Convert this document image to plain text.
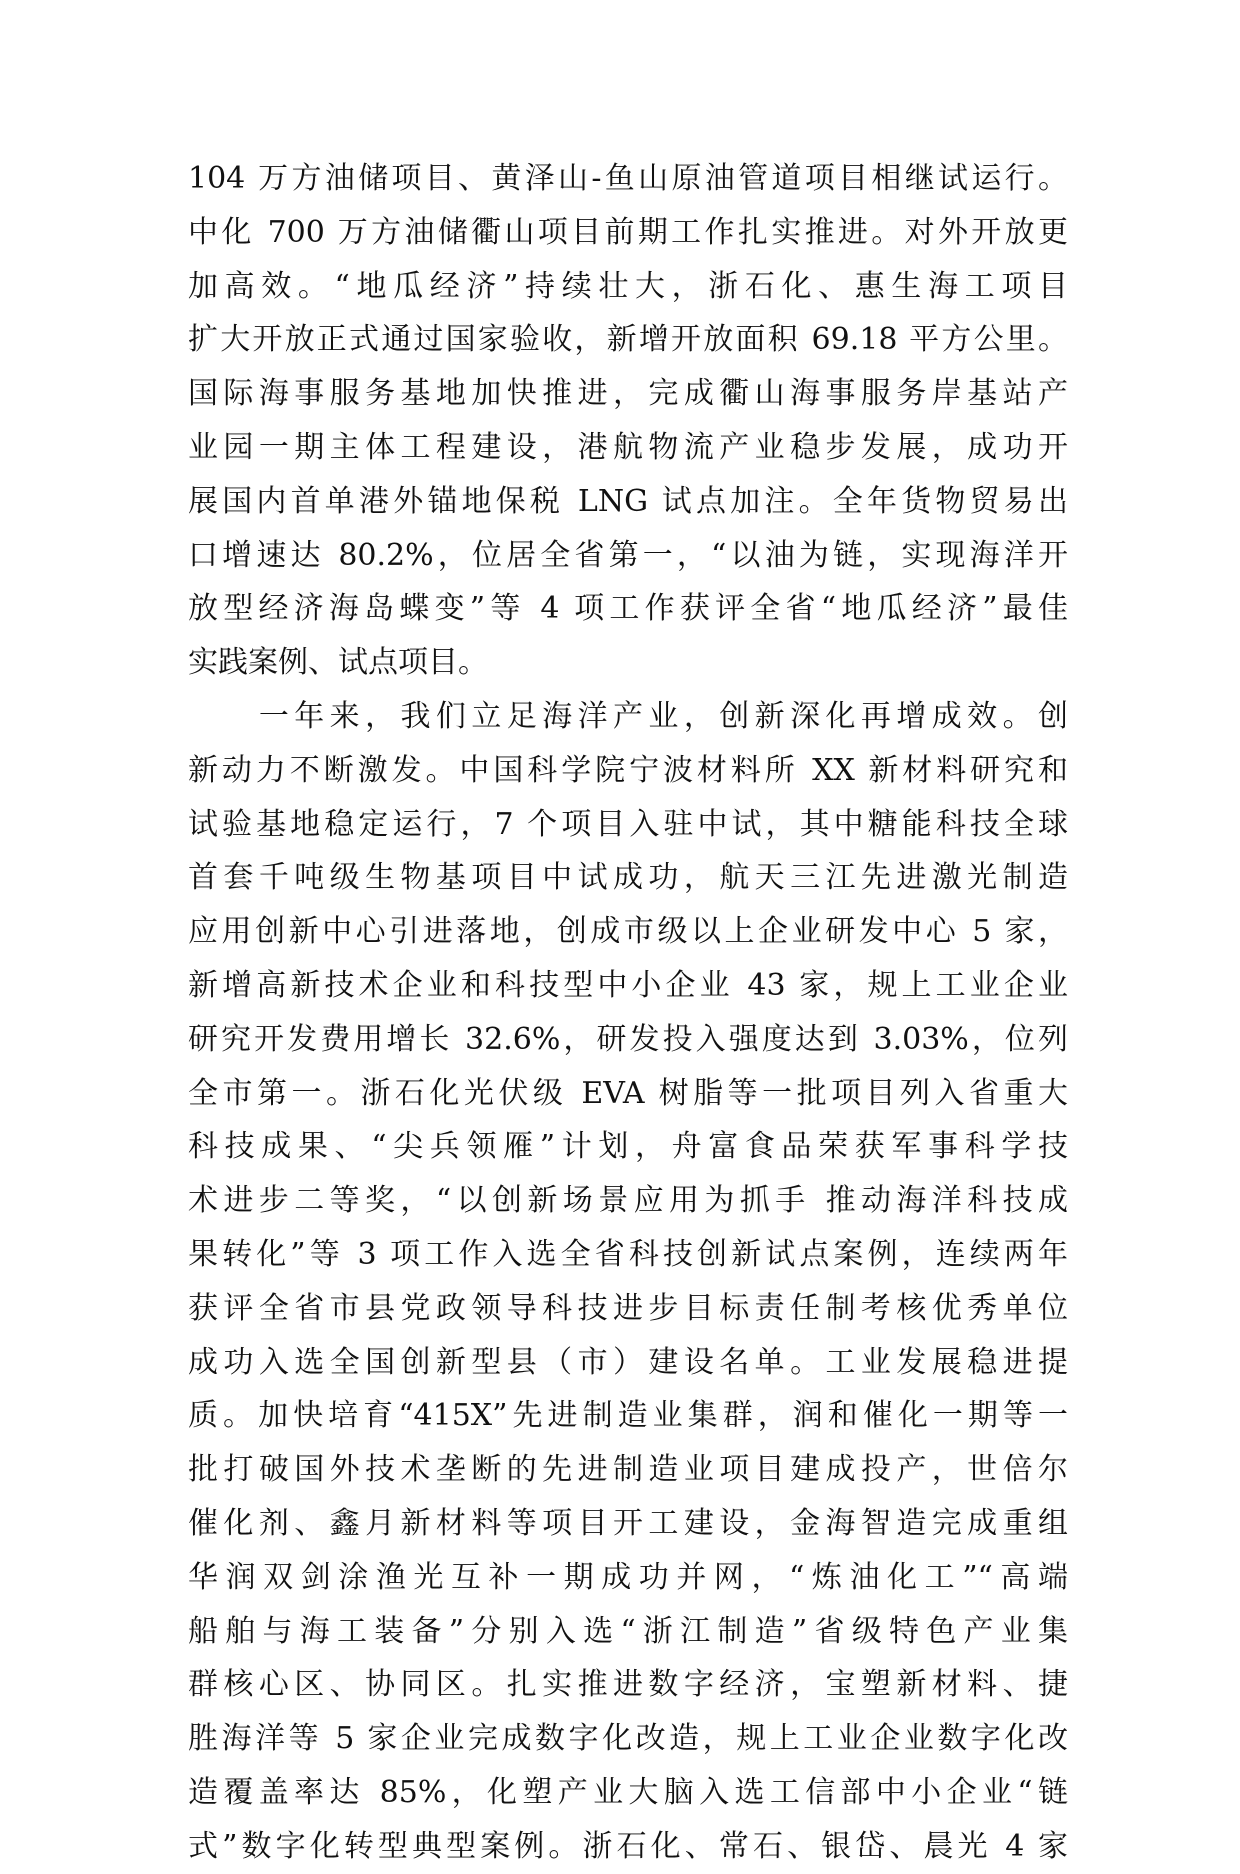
104 万方油储项目、黄泽山-鱼山原油管道项目相继试运行。
中化 700 万方油储衢山项目前期工作扎实推进。对外开放更
加高效。“地瓜经济”持续壮大，浙石化、惠生海工项目
扩大开放正式通过国家验收，新增开放面积 69.18 平方公里。
国际海事服务基地加快推进，完成衢山海事服务岸基站产
业园一期主体工程建设，港航物流产业稳步发展，成功开
展国内首单港外锚地保税 LNG 试点加注。全年货物贸易出
口增速达 80.2%，位居全省第一，“以油为链，实现海洋开
放型经济海岛蝶变”等 4 项工作获评全省“地瓜经济”最佳
实践案例、试点项目。
　　一年来，我们立足海洋产业，创新深化再增成效。创
新动力不断激发。中国科学院宁波材料所 XX 新材料研究和
试验基地稳定运行，7 个项目入驻中试，其中糖能科技全球
首套千吨级生物基项目中试成功，航天三江先进激光制造
应用创新中心引进落地，创成市级以上企业研发中心 5 家，
新增高新技术企业和科技型中小企业 43 家，规上工业企业
研究开发费用增长 32.6%，研发投入强度达到 3.03%，位列
全市第一。浙石化光伏级 EVA 树脂等一批项目列入省重大
科技成果、“尖兵领雁”计划，舟富食品荣获军事科学技
术进步二等奖，“以创新场景应用为抓手 推动海洋科技成
果转化”等 3 项工作入选全省科技创新试点案例，连续两年
获评全省市县党政领导科技进步目标责任制考核优秀单位
成功入选全国创新型县（市）建设名单。工业发展稳进提
质。加快培育“415X”先进制造业集群，润和催化一期等一
批打破国外技术垄断的先进制造业项目建成投产，世倍尔
催化剂、鑫月新材料等项目开工建设，金海智造完成重组
华润双剑涂渔光互补一期成功并网，“炼油化工”“高端
船舶与海工装备”分别入选“浙江制造”省级特色产业集
群核心区、协同区。扎实推进数字经济，宝塑新材料、捷
胜海洋等 5 家企业完成数字化改造，规上工业企业数字化改
造覆盖率达 85%，化塑产业大脑入选工信部中小企业“链
式”数字化转型典型案例。浙石化、常石、银岱、晨光 4 家
